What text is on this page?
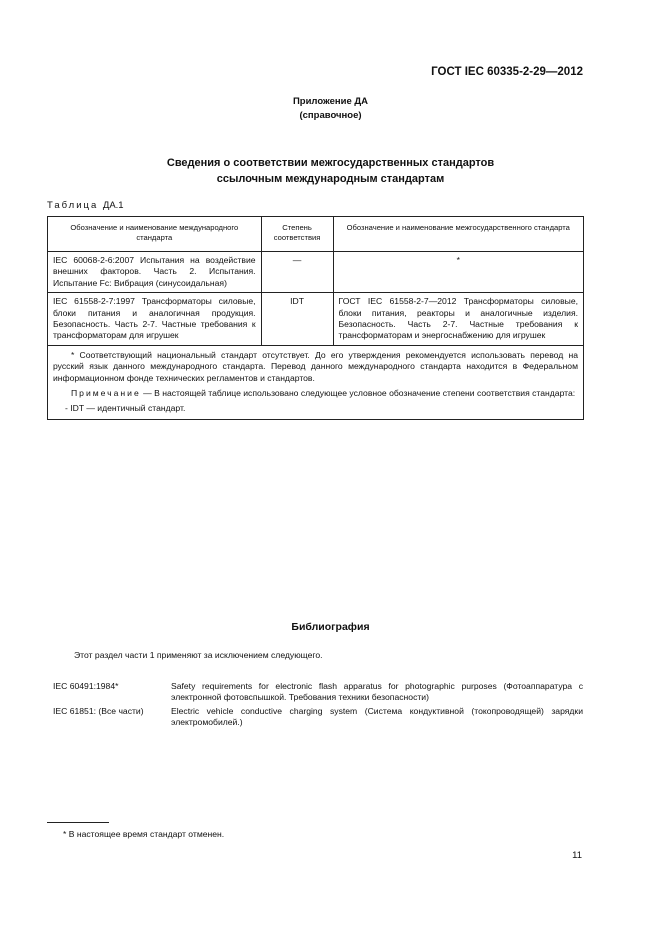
ГОСТ IEC 60335-2-29—2012
Приложение ДА
(справочное)
Сведения о соответствии межгосударственных стандартов
ссылочным международным стандартам
Таблица ДА.1
Обозначение и наименование международного стандарта	Степень соответствия	Обозначение и наименование межгосударственного стандарта
IEC 60068-2-6:2007 Испытания на воздействие внешних факторов. Часть 2. Испытания. Испытание Fc: Вибрация (синусоидальная)	—	*
IEC 61558-2-7:1997 Трансформаторы силовые, блоки питания и аналогичная продукция. Безопасность. Часть 2-7. Частные требования к трансформаторам для игрушек	IDT	ГОСТ IEC 61558-2-7—2012 Трансформаторы силовые, блоки питания, реакторы и аналогичные изделия. Безопасность. Часть 2-7. Частные требования к трансформаторам и энергоснабжению для игрушек

* Соответствующий национальный стандарт отсутствует. До его утверждения рекомендуется использовать перевод на русский язык данного международного стандарта. Перевод данного международного стандарта находится в Федеральном информационном фонде технических регламентов и стандартов.

Примечание — В настоящей таблице использовано следующее условное обозначение степени соответствия стандарта:

- IDT — идентичный стандарт.		

Библиография
Этот раздел части 1 применяют за исключением следующего.
IEC 60491:1984*	Safety requirements for electronic flash apparatus for photographic purposes (Фотоаппаратура с электронной фотовспышкой. Требования техники безопасности)
IEC 61851: (Все части)	Electric vehicle conductive charging system (Система кондуктивной (токопроводящей) зарядки электромобилей.)
* В настоящее время стандарт отменен.
11
